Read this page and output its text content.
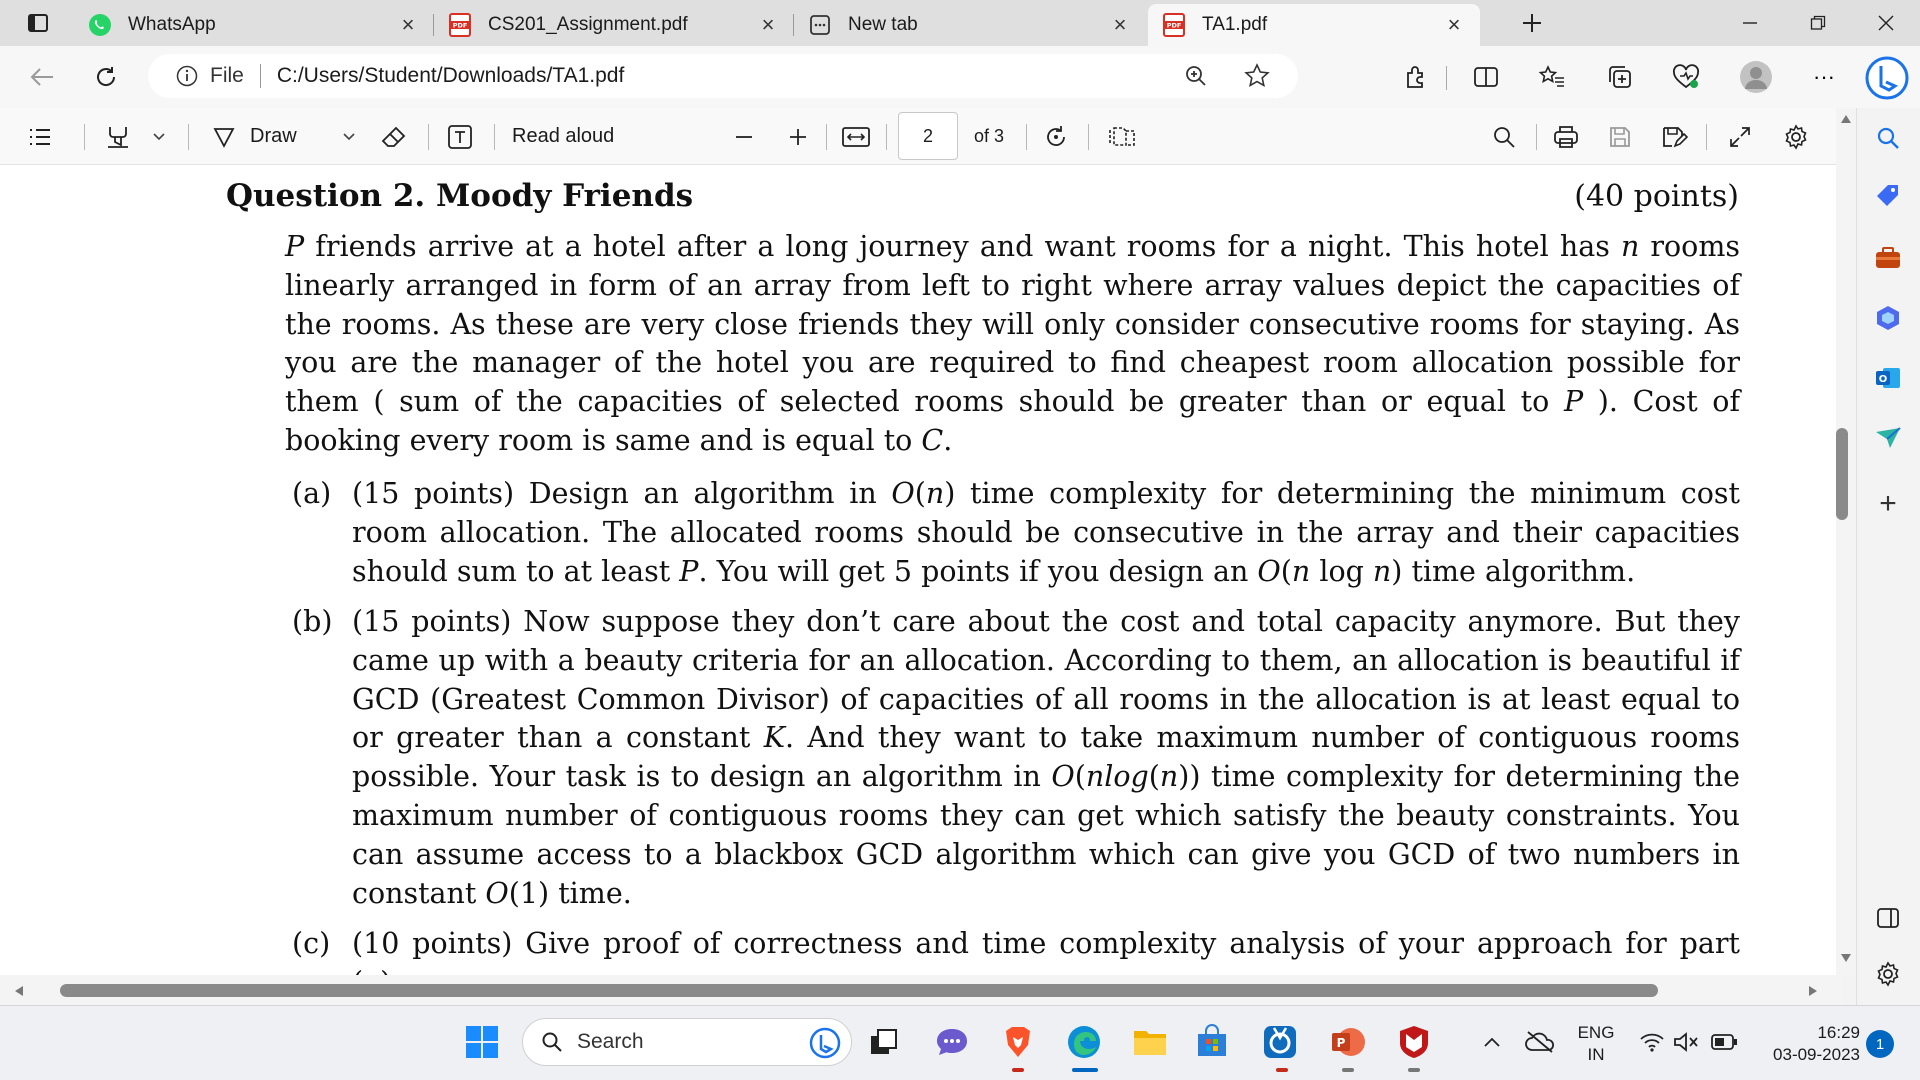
WhatsApp	×	PDF CS201_Assignment.pdf	×	New tab	×	PDF TA1.pdf	×
File C:/Users/Student/Downloads/TA1.pdf	···
Draw	Read aloud	2	of 3
Question 2. Moody Friends	(40 points)
P friends arrive at a hotel after a long journey and want rooms for a night. This hotel has n rooms linearly arranged in form of an array from left to right where array values depict the capacities of the rooms. As these are very close friends they will only consider consecutive rooms for staying. As you are the manager of the hotel you are required to find cheapest room allocation possible for them ( sum of the capacities of selected rooms should be greater than or equal to P ). Cost of booking every room is same and is equal to C.
(a) (15 points) Design an algorithm in O(n) time complexity for determining the minimum cost room allocation. The allocated rooms should be consecutive in the array and their capacities should sum to at least P. You will get 5 points if you design an O(n log n) time algorithm.
(b) (15 points) Now suppose they don’t care about the cost and total capacity anymore. But they came up with a beauty criteria for an allocation. According to them, an allocation is beautiful if GCD (Greatest Common Divisor) of capacities of all rooms in the allocation is at least equal to or greater than a constant K. And they want to take maximum number of contiguous rooms possible. Your task is to design an algorithm in O(nlog(n)) time complexity for determining the maximum number of contiguous rooms they can get which satisfy the beauty constraints. You can assume access to a blackbox GCD algorithm which can give you GCD of two numbers in constant O(1) time.
(c) (10 points) Give proof of correctness and time complexity analysis of your approach for part
O
+
Search	P
ENG
IN
16:29
03-09-2023
1
